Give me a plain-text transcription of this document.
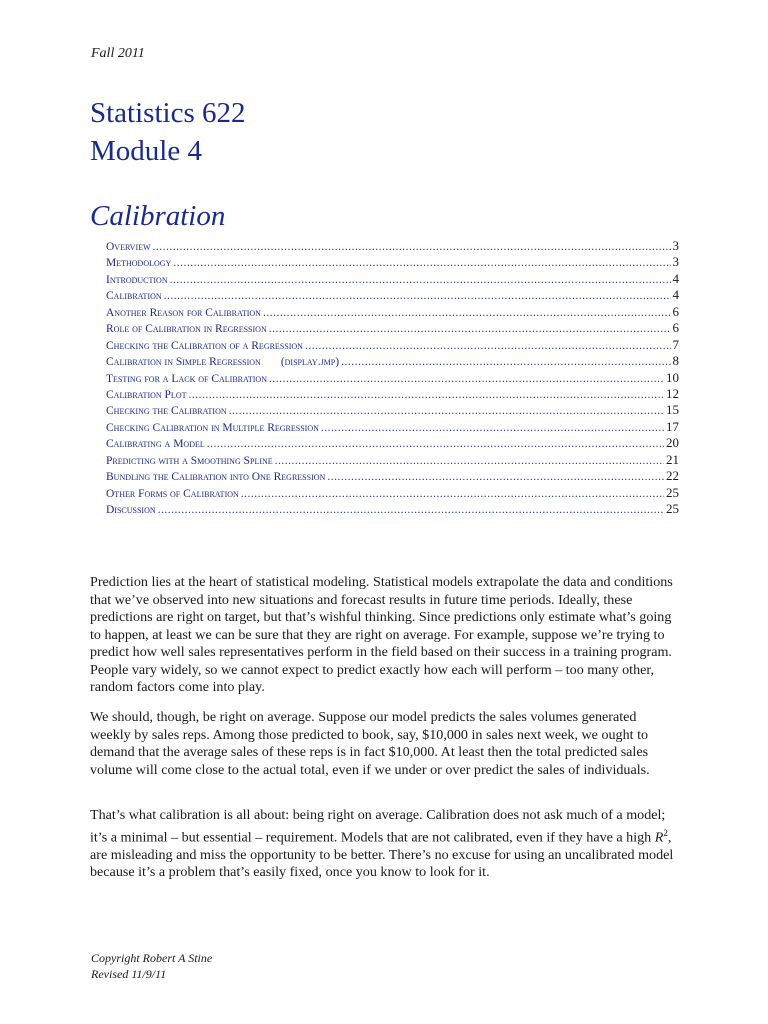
Fall 2011
Statistics 622
Module 4
Calibration
Overview .....	3
Methodology .....	3
Introduction .....	4
Calibration .....	4
Another Reason for Calibration .....	6
Role of Calibration in Regression .....	6
Checking the Calibration of a Regression .....	7
Calibration in Simple Regression (display.jmp) .....	8
Testing for a Lack of Calibration .....	10
Calibration Plot .....	12
Checking the Calibration .....	15
Checking Calibration in Multiple Regression .....	17
Calibrating a Model .....	20
Predicting with a Smoothing Spline .....	21
Bundling the Calibration into One Regression .....	22
Other Forms of Calibration .....	25
Discussion .....	25

Prediction lies at the heart of statistical modeling. Statistical models extrapolate the data and conditions that we’ve observed into new situations and forecast results in future time periods. Ideally, these predictions are right on target, but that’s wishful thinking. Since predictions only estimate what’s going to happen, at least we can be sure that they are right on average. For example, suppose we’re trying to predict how well sales representatives perform in the field based on their success in a training program. People vary widely, so we cannot expect to predict exactly how each will perform – too many other, random factors come into play.

We should, though, be right on average. Suppose our model predicts the sales volumes generated weekly by sales reps. Among those predicted to book, say, $10,000 in sales next week, we ought to demand that the average sales of these reps is in fact $10,000. At least then the total predicted sales volume will come close to the actual total, even if we under or over predict the sales of individuals.

That’s what calibration is all about: being right on average. Calibration does not ask much of a model; it’s a minimal – but essential – requirement. Models that are not calibrated, even if they have a high $R^2$, are misleading and miss the opportunity to be better. There’s no excuse for using an uncalibrated model because it’s a problem that’s easily fixed, once you know to look for it.

Copyright Robert A Stine
Revised 11/9/11
